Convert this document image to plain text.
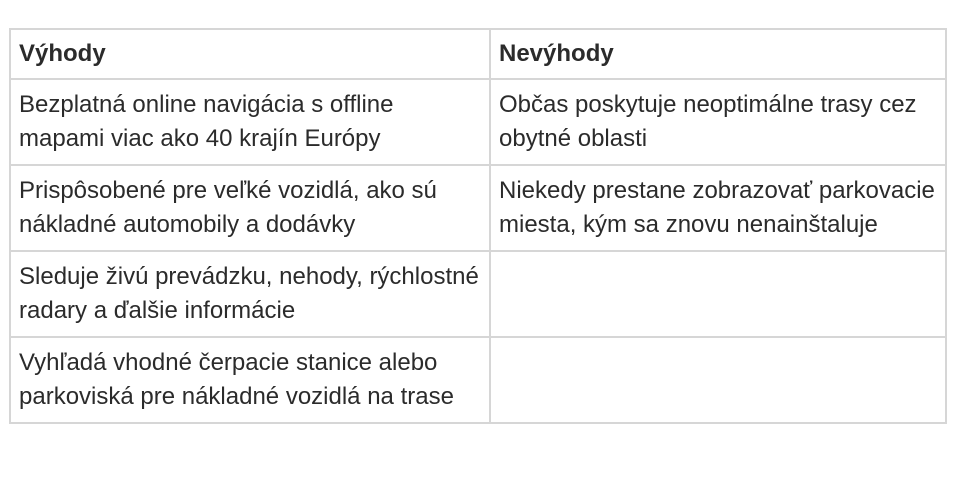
Výhody	Nevýhody
Bezplatná online navigácia s offline mapami viac ako 40 krajín Európy	Občas poskytuje neoptimálne trasy cez obytné oblasti
Prispôsobené pre veľké vozidlá, ako sú nákladné automobily a dodávky	Niekedy prestane zobrazovať parkovacie miesta, kým sa znovu nenainštaluje
Sleduje živú prevádzku, nehody, rýchlostné radary a ďalšie informácie	
Vyhľadá vhodné čerpacie stanice alebo parkoviská pre nákladné vozidlá na trase	
